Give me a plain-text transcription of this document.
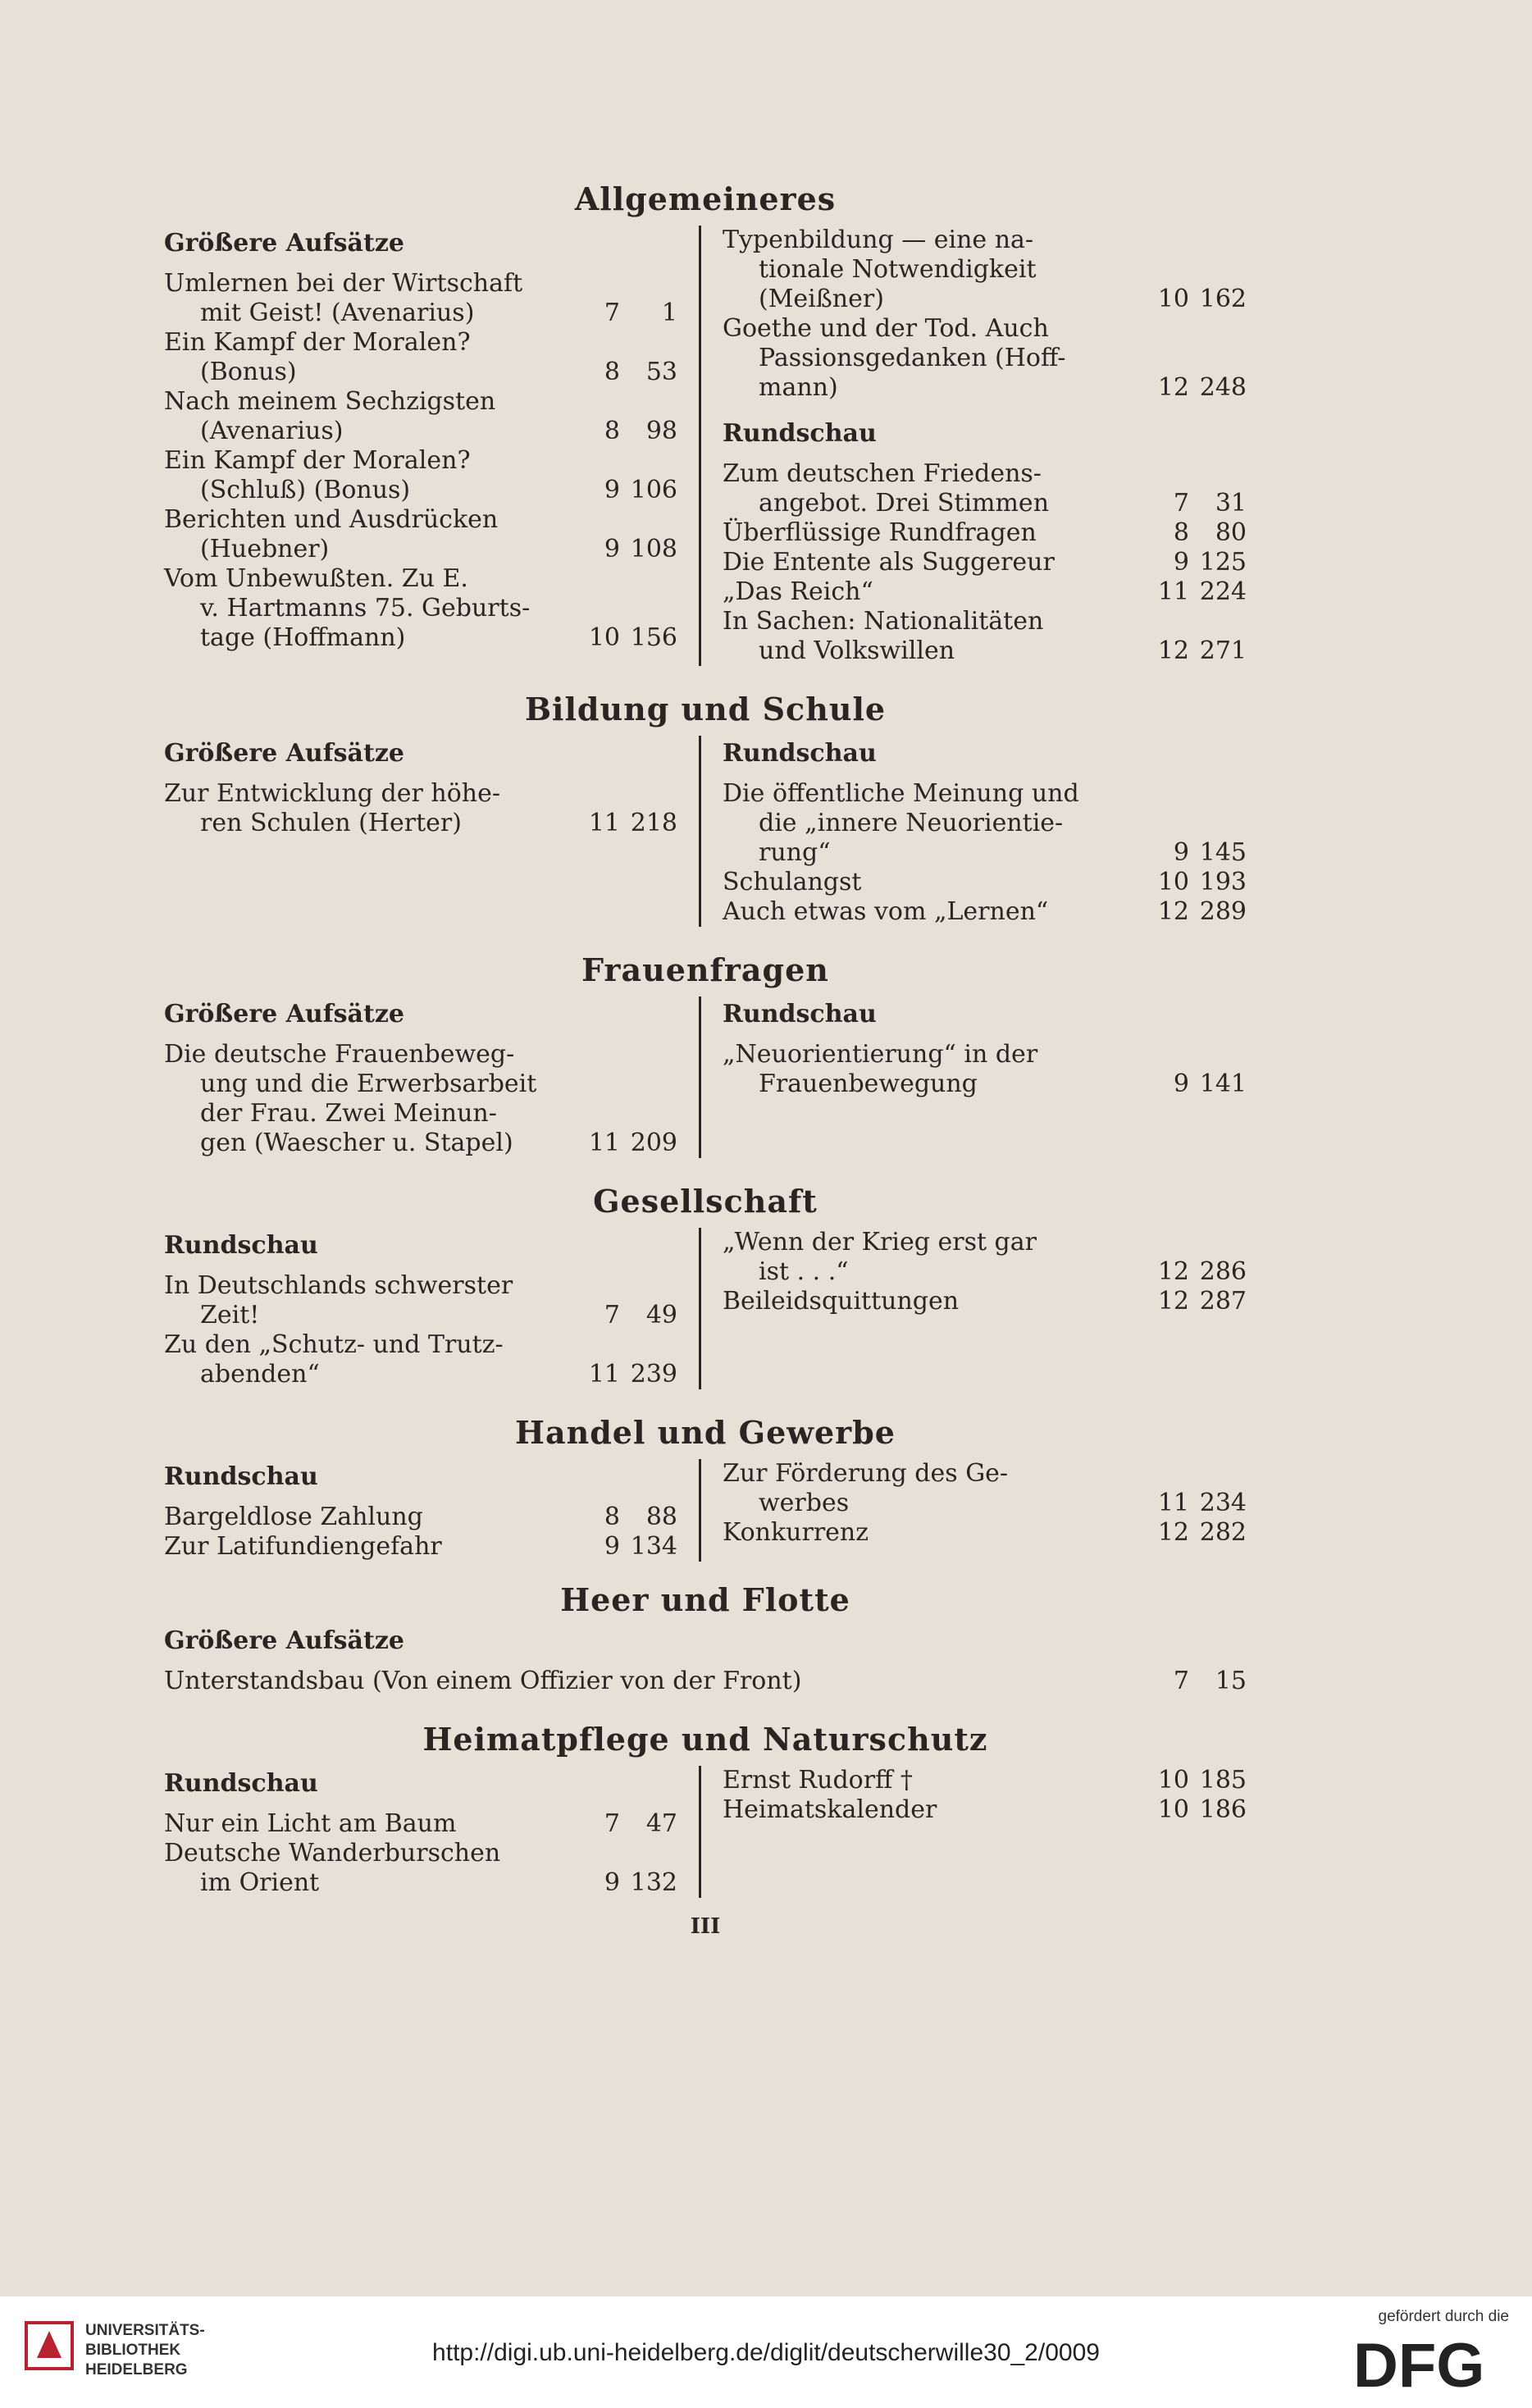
Allgemeineres
Größere Aufsätze
Umlernen bei der Wirtschaft
mit Geist! (Avenarius)	7	1
Ein Kampf der Moralen?
(Bonus)	8	53
Nach meinem Sechzigsten
(Avenarius)	8	98
Ein Kampf der Moralen?
(Schluß) (Bonus)	9 106
Berichten und Ausdrücken
(Huebner)	9 108
Vom Unbewußten. Zu E.
v. Hartmanns 75. Geburts-
tage (Hoffmann)	10 156
Typenbildung — eine na-
tionale Notwendigkeit
(Meißner)	10 162
Goethe und der Tod. Auch
Passionsgedanken (Hoff-
mann)	12 248
Rundschau
Zum deutschen Friedens-
angebot. Drei Stimmen	7	31
Überflüssige Rundfragen	8	80
Die Entente als Suggereur	9 125
„Das Reich“	11 224
In Sachen: Nationalitäten
und Volkswillen	12 271
Bildung und Schule
Größere Aufsätze
Zur Entwicklung der höhe-
ren Schulen (Herter)	11 218
Rundschau
Die öffentliche Meinung und
die „innere Neuorientie-
rung“	9 145
Schulangst	10 193
Auch etwas vom „Lernen“	12 289
Frauenfragen
Größere Aufsätze
Die deutsche Frauenbeweg-
ung und die Erwerbsarbeit
der Frau. Zwei Meinun-
gen (Waescher u. Stapel)	11 209
Rundschau
„Neuorientierung“ in der
Frauenbewegung	9 141
Gesellschaft
Rundschau
In Deutschlands schwerster
Zeit!	7	49
Zu den „Schutz- und Trutz-
abenden“	11 239
„Wenn der Krieg erst gar
ist . . .“	12 286
Beileidsquittungen	12 287
Handel und Gewerbe
Rundschau
Bargeldlose Zahlung	8	88
Zur Latifundiengefahr	9 134
Zur Förderung des Ge-
werbes	11 234
Konkurrenz	12 282
Heer und Flotte
Größere Aufsätze
Unterstandsbau (Von einem Offizier von der Front)	7	15
Heimatpflege und Naturschutz
Rundschau
Nur ein Licht am Baum	7	47
Deutsche Wanderburschen
im Orient	9 132
Ernst Rudorff †	10 185
Heimatskalender	10 186
III
UNIVERSITÄTS-
BIBLIOTHEK
HEIDELBERG
http://digi.ub.uni-heidelberg.de/diglit/deutscherwille30_2/0009
gefördert durch die
DFG
